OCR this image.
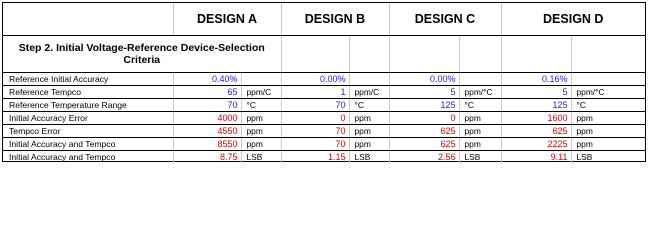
	DESIGN A		DESIGN B		DESIGN C		DESIGN D	
Step 2. Initial Voltage-Reference Device-Selection Criteria								
Reference Initial Accuracy	0.40%		0.00%		0.00%		0.16%	
Reference Tempco	65	ppm/C	1	ppm/C	5	ppm/°C	5	ppm/°C
Reference Temperature Range	70	°C	70	°C	125	°C	125	°C
Initial Accuracy Error	4000	ppm	0	ppm	0	ppm	1600	ppm
Tempco Error	4550	ppm	70	ppm	625	ppm	625	ppm
Initial Accuracy and Tempco	8550	ppm	70	ppm	625	ppm	2225	ppm
Initial Accuracy and Tempco	8.75	LSB	1.15	LSB	2.56	LSB	9.11	LSB
